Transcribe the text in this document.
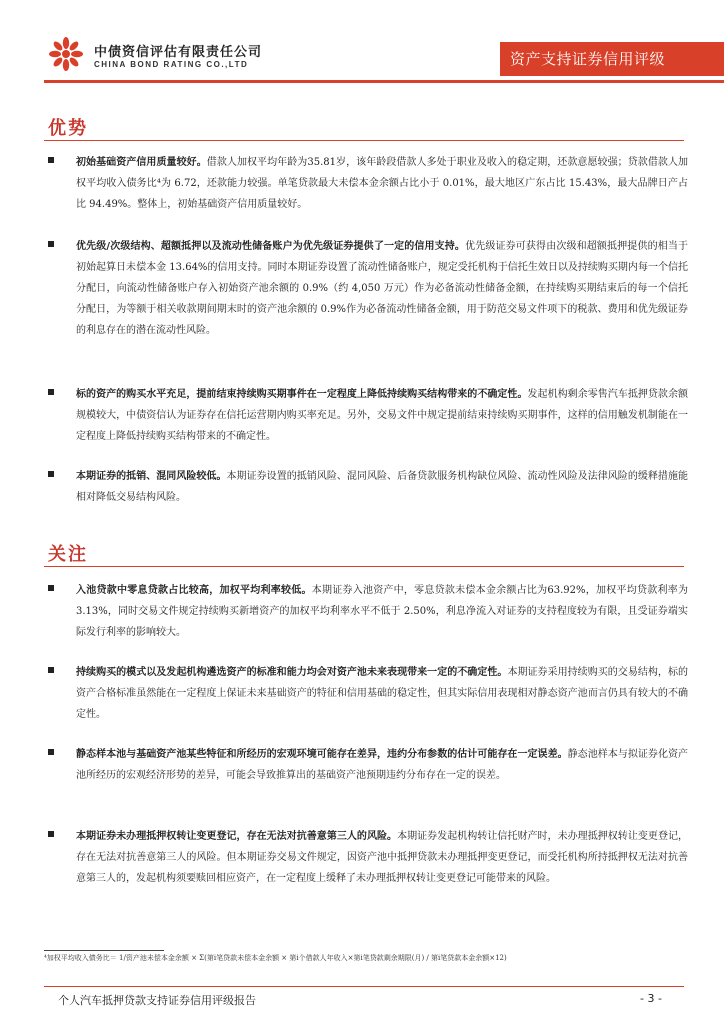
中债资信评估有限责任公司
CHINA BOND RATING CO.,LTD	资产支持证券信用评级
优势
初始基础资产信用质量较好。借款人加权平均年龄为35.81岁，该年龄段借款人多处于职业及收入的稳定期，还款意愿较强；贷款借款人加权平均收入债务比⁴为 6.72，还款能力较强。单笔贷款最大未偿本金余额占比小于 0.01%，最大地区广东占比 15.43%，最大品牌日产占比 94.49%。整体上，初始基础资产信用质量较好。
优先级/次级结构、超额抵押以及流动性储备账户为优先级证券提供了一定的信用支持。优先级证券可获得由次级和超额抵押提供的相当于初始起算日未偿本金 13.64%的信用支持。同时本期证券设置了流动性储备账户，规定受托机构于信托生效日以及持续购买期内每一个信托分配日，向流动性储备账户存入初始资产池余额的 0.9%（约 4,050 万元）作为必备流动性储备金额，在持续购买期结束后的每一个信托分配日，为等额于相关收款期间期末时的资产池余额的 0.9%作为必备流动性储备金额，用于防范交易文件项下的税款、费用和优先级证券的利息存在的潜在流动性风险。
标的资产的购买水平充足，提前结束持续购买期事件在一定程度上降低持续购买结构带来的不确定性。发起机构剩余零售汽车抵押贷款余额规模较大，中债资信认为证券存在信托运营期内购买率充足。另外，交易文件中规定提前结束持续购买期事件，这样的信用触发机制能在一定程度上降低持续购买结构带来的不确定性。
本期证券的抵销、混同风险较低。本期证券设置的抵销风险、混同风险、后备贷款服务机构缺位风险、流动性风险及法律风险的缓释措施能相对降低交易结构风险。
关注
入池贷款中零息贷款占比较高，加权平均利率较低。本期证券入池资产中，零息贷款未偿本金余额占比为63.92%，加权平均贷款利率为 3.13%，同时交易文件规定持续购买新增资产的加权平均利率水平不低于 2.50%，利息净流入对证券的支持程度较为有限，且受证券端实际发行利率的影响较大。
持续购买的模式以及发起机构遴选资产的标准和能力均会对资产池未来表现带来一定的不确定性。本期证券采用持续购买的交易结构，标的资产合格标准虽然能在一定程度上保证未来基础资产的特征和信用基础的稳定性，但其实际信用表现相对静态资产池而言仍具有较大的不确定性。
静态样本池与基础资产池某些特征和所经历的宏观环境可能存在差异，违约分布参数的估计可能存在一定误差。静态池样本与拟证券化资产池所经历的宏观经济形势的差异，可能会导致推算出的基础资产池预期违约分布存在一定的误差。
本期证券未办理抵押权转让变更登记，存在无法对抗善意第三人的风险。本期证券发起机构转让信托财产时，未办理抵押权转让变更登记，存在无法对抗善意第三人的风险。但本期证券交易文件规定，因资产池中抵押贷款未办理抵押变更登记，而受托机构所持抵押权无法对抗善意第三人的，发起机构须要赎回相应资产，在一定程度上缓释了未办理抵押权转让变更登记可能带来的风险。
⁴加权平均收入债务比＝ 1/资产池未偿本金余额 × Σ(第i笔贷款未偿本金余额 × 第i个借款人年收入×第i笔贷款剩余期限(月) / 第i笔贷款本金余额×12)
个人汽车抵押贷款支持证券信用评级报告	- 3 -
